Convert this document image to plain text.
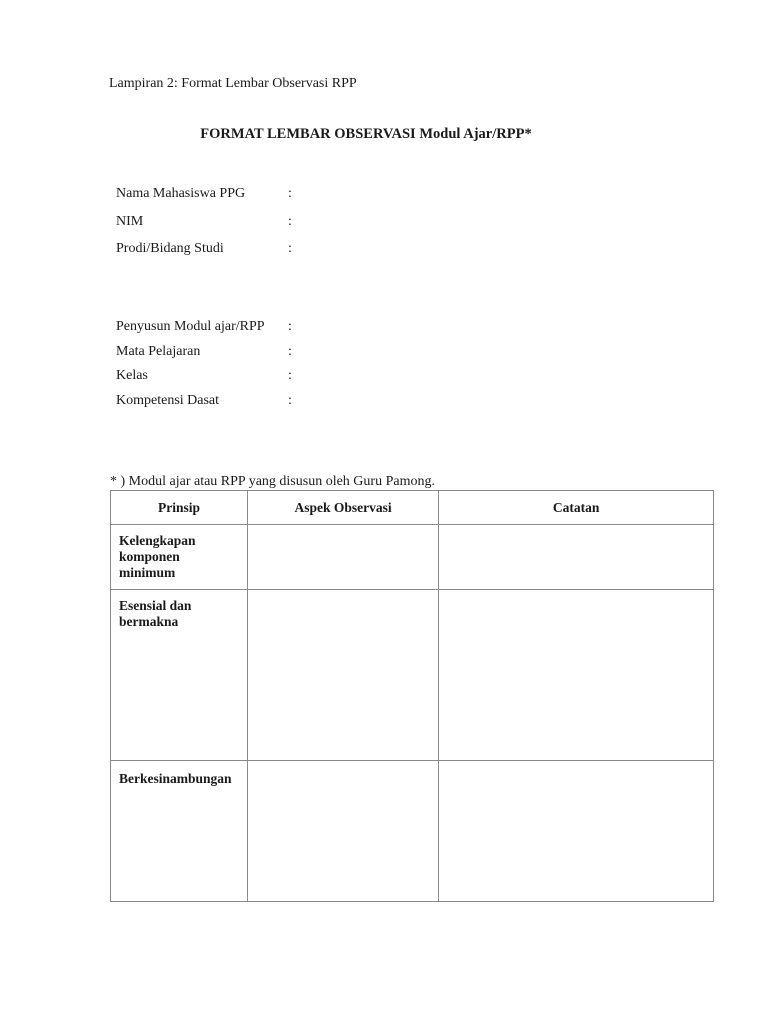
Lampiran 2: Format Lembar Observasi RPP
FORMAT LEMBAR OBSERVASI Modul Ajar/RPP*
Nama Mahasiswa PPG	:
NIM	:
Prodi/Bidang Studi	:
Penyusun Modul ajar/RPP :
Mata Pelajaran	:
Kelas	:
Kompetensi Dasat	:
* ) Modul ajar atau RPP yang disusun oleh Guru Pamong.
Prinsip	Aspek Observasi	Catatan
Kelengkapan komponen minimum		
Esensial dan bermakna		
Berkesinambungan		
